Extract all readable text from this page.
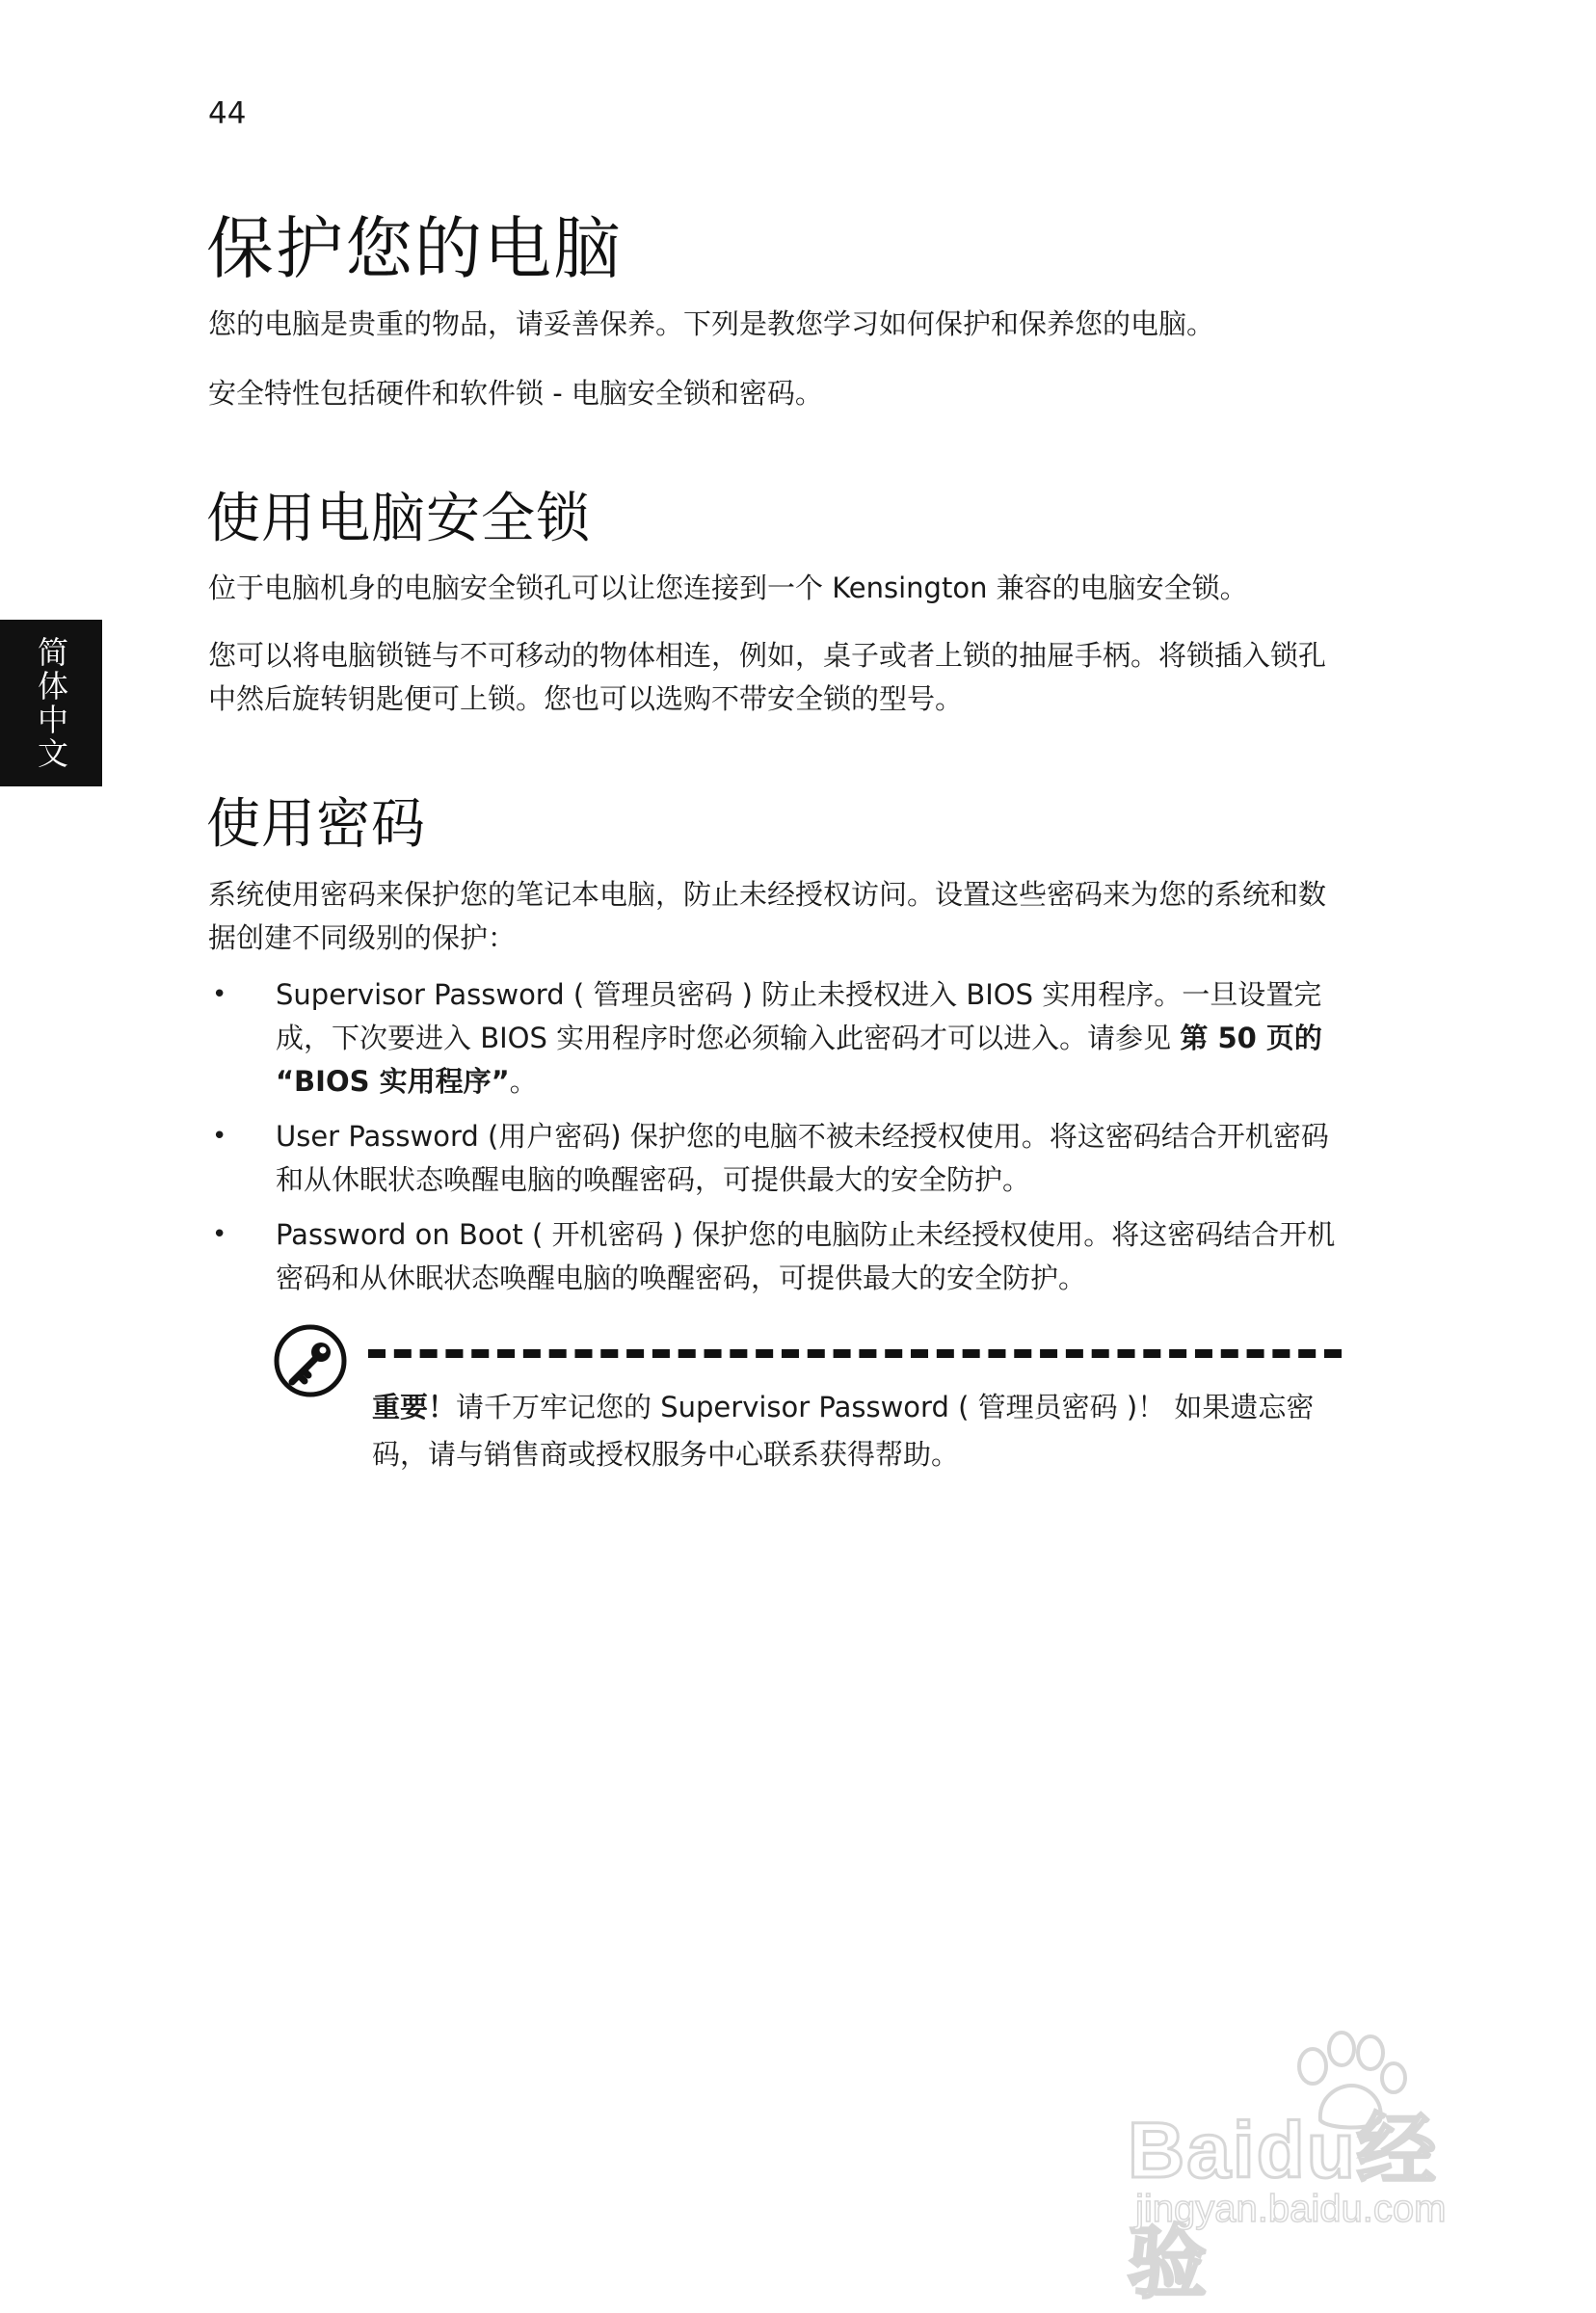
44
简体中文
保护您的电脑

您的电脑是贵重的物品，请妥善保养。下列是教您学习如何保护和保养您的电脑。

安全特性包括硬件和软件锁 - 电脑安全锁和密码。

使用电脑安全锁

位于电脑机身的电脑安全锁孔可以让您连接到一个 Kensington 兼容的电脑安全锁。

您可以将电脑锁链与不可移动的物体相连，例如，桌子或者上锁的抽屉手柄。将锁插入锁孔中然后旋转钥匙便可上锁。您也可以选购不带安全锁的型号。

使用密码

系统使用密码来保护您的笔记本电脑，防止未经授权访问。设置这些密码来为您的系统和数据创建不同级别的保护：

• Supervisor Password ( 管理员密码 ) 防止未授权进入 BIOS 实用程序。一旦设置完成，下次要进入 BIOS 实用程序时您必须输入此密码才可以进入。请参见 第 50 页的 “BIOS 实用程序”。
• User Password (用户密码) 保护您的电脑不被未经授权使用。将这密码结合开机密码和从休眠状态唤醒电脑的唤醒密码，可提供最大的安全防护。
• Password on Boot ( 开机密码 ) 保护您的电脑防止未经授权使用。将这密码结合开机密码和从休眠状态唤醒电脑的唤醒密码，可提供最大的安全防护。

重要！请千万牢记您的 Supervisor Password ( 管理员密码 )！ 如果遗忘密码，请与销售商或授权服务中心联系获得帮助。

Baidu经验
jingyan.baidu.com
